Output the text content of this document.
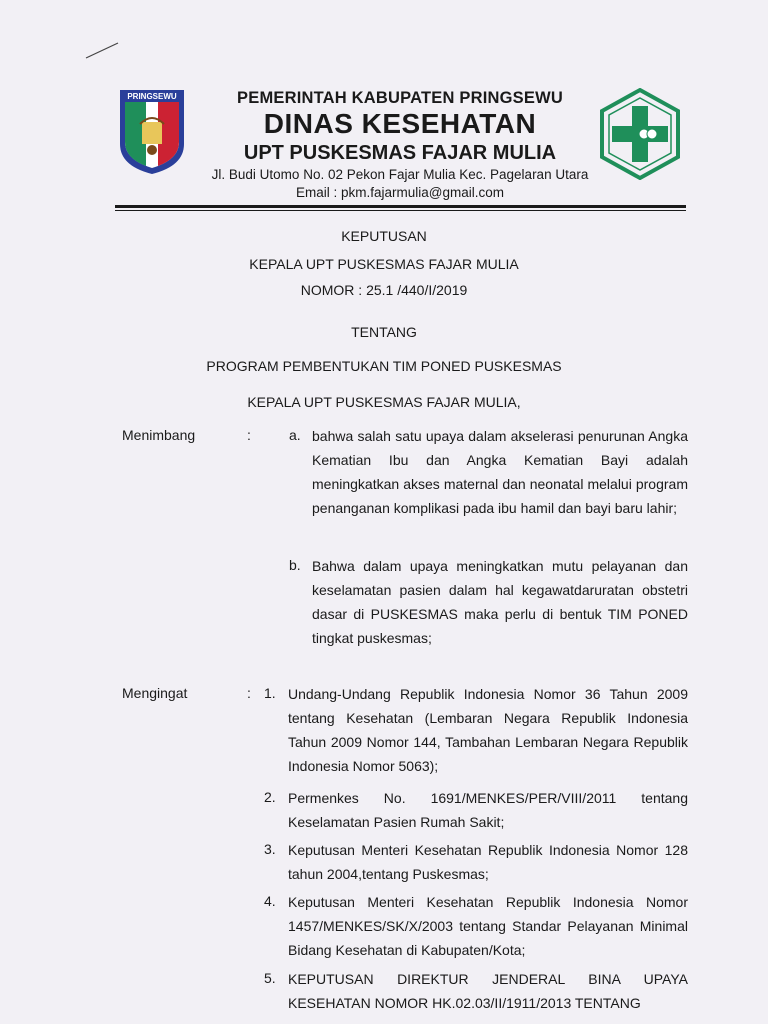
PRINGSEWU	PEMERINTAH KABUPATEN PRINGSEWU
DINAS KESEHATAN
UPT PUSKESMAS FAJAR MULIA
Jl. Budi Utomo No. 02 Pekon Fajar Mulia Kec. Pagelaran Utara
Email : pkm.fajarmulia@gmail.com
KEPUTUSAN
KEPALA UPT PUSKESMAS FAJAR MULIA
NOMOR : 25.1 /440/I/2019
TENTANG
PROGRAM PEMBENTUKAN TIM PONED PUSKESMAS
KEPALA UPT PUSKESMAS FAJAR MULIA,
Menimbang	:	a. bahwa salah satu upaya dalam akselerasi penurunan Angka Kematian Ibu dan Angka Kematian Bayi adalah meningkatkan akses maternal dan neonatal melalui program penanganan komplikasi pada ibu hamil dan bayi baru lahir;
b. Bahwa dalam upaya meningkatkan mutu pelayanan dan keselamatan pasien dalam hal kegawatdaruratan obstetri dasar di PUSKESMAS maka perlu di bentuk TIM PONED tingkat puskesmas;
Mengingat	: 1. Undang-Undang Republik Indonesia Nomor 36 Tahun 2009 tentang Kesehatan (Lembaran Negara Republik Indonesia Tahun 2009 Nomor 144, Tambahan Lembaran Negara Republik Indonesia Nomor 5063);
2. Permenkes No. 1691/MENKES/PER/VIII/2011 tentang Keselamatan Pasien Rumah Sakit;
3. Keputusan Menteri Kesehatan Republik Indonesia Nomor 128 tahun 2004,tentang Puskesmas;
4. Keputusan Menteri Kesehatan Republik Indonesia Nomor 1457/MENKES/SK/X/2003 tentang Standar Pelayanan Minimal Bidang Kesehatan di Kabupaten/Kota;
5. KEPUTUSAN DIREKTUR JENDERAL BINA UPAYA KESEHATAN NOMOR HK.02.03/II/1911/2013 TENTANG
